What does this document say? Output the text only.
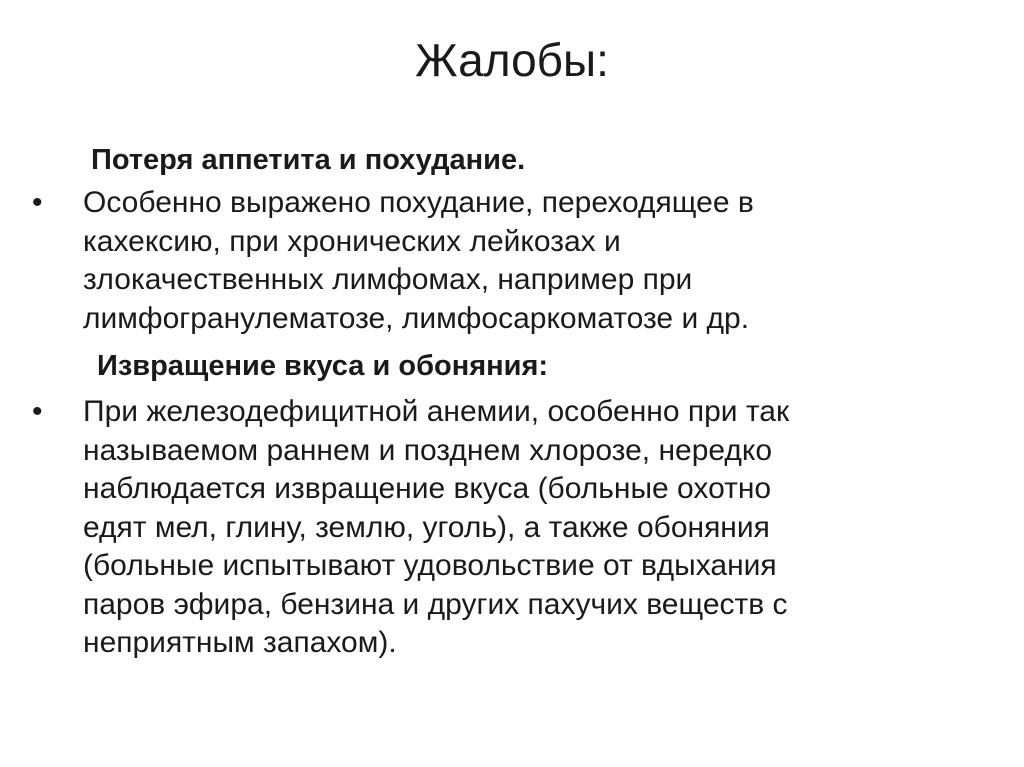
Жалобы:
Потеря аппетита и похудание.
• Особенно выражено похудание, переходящее в
кахексию, при хронических лейкозах и
злокачественных лимфомах, например при
лимфогранулематозе, лимфосаркоматозе и др.
Извращение вкуса и обоняния:
• При железодефицитной анемии, особенно при так
называемом раннем и позднем хлорозе, нередко
наблюдается извращение вкуса (больные охотно
едят мел, глину, землю, уголь), а также обоняния
(больные испытывают удовольствие от вдыхания
паров эфира, бензина и других пахучих веществ с
неприятным запахом).
